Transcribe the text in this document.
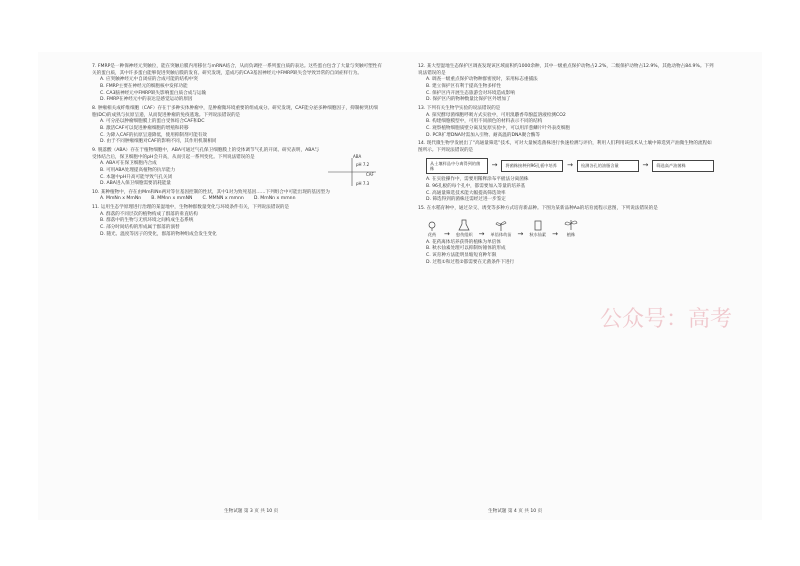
7. FMRP是一种保神经元突触位，能在突触后膜内用移位与mRNA结合，从而负调控一系列蛋白质的表达。这些蛋白包含了大量与突触可塑性有关的蛋白质，其中许多蛋白能够促进突触后膜的发育。研究发现，造成巧的CA3基因神经元中FMRP缺失会导致异常的自闭症样行为。

A. 应突触神经元中自闭症的合成可能的结构中突

B. FMRP主要在神经元的细胞核中发挥功能

C. CA3脑神经元中FMRP缺失影响蛋白质合成与运输

D. FMRP在神经元中的表达是感觉运动的原因

8. 肿瘤相关成纤维细胞（CAF）存在于多种实体肿瘤中，是肿瘤微环境重要的组成成分。研究发现，CAF能分泌多种细胞因子，抑制树突状细胞(DC)的成熟与抗原呈递，从而促进肿瘤的免疫逃逸。下列说法错误的是

A. 可分泌以肿瘤细胞膜上的蛋白受体结合CAF和DC

B. 激活CAF可以促进肿瘤细胞的增殖和转移

C. 为降入CAF的抗原呈递降低，使用抑制剂可能有效

D. 由于不同肿瘤细胞对CAF的影响不同，其作用机制相同

9. 脱落酸（ABA）存在于植物细胞中，ABA可通过气孔保卫细胞膜上的受体调节气孔的开闭。研究表明，ABA与受体结合后，保卫细胞中的pH会升高，从而引起一系列变化。下列说法错误的是	ABA
pH 7.2
pH 7.3
CAF

A. ABA可在保卫细胞内合成

B. 可用ABA处理提高植物的抗旱能力

C. 本题中pH升高可能导致气孔关闭

D. ABA进入保卫细胞需要消耗能量

10. 某种植物中，存在由Mm和Nn两对等位基因控制的性状，其中1对为致死基因……下列组合中可能出现的基因型为

A. MmNn x MmNn B. MMnn x mmNN C. MMNN x mmnn D. MmNn x mmnn

11. 运用生态学原理进行治理的某湿地中，生物种群数量变化与环境条件有关，下列说法错误的是

A. 群落的不同层次的植物构成了群落的垂直结构

B. 群落中的生物与无机环境之间构成生态系统

C. 部分时间结构的形成属于群落的演替

D. 随光、温度等因子的变化，群落的物种组成会发生变化

生物试题 第 3 页 共 10 页

12. 某大型湿地生态保护区调查发现该区域面积约1000余种，其中一级重点保护动物占2.2%，二级保护动物占12.9%，其他动物占84.9%。下列说法错误的是

A. 调查一级重点保护动物种群密度时，采用标志重捕法

B. 建立保护区有利于提高生物多样性

C. 保护区内开展生态旅游会对环境造成影响

D. 保护区内的物种数量比保护区外增加了

13. 下列有关生物学实验的说法错误的是

A. 探究酵母菌细胞呼吸方式实验中，可用溴麝香草酚蓝溶液检测CO2

B. 构建细胞模型中，可用不同颜色的材料表示不同的结构

C. 观察植物细胞质壁分离及复原实验中，可以用洋葱鳞片叶外表皮细胞

D. PCR扩增DNA时需加入引物、耐高温的DNA聚合酶等

14. 现代微生物学发展出了“高通量筛选”技术，可对大量候选菌株进行快速检测与评价，利用人们利用该技术从土壤中筛选到产油微生物的流程如图所示。下列说法错误的是

从土壤样品中分离得到的菌株	→	将菌株接种到96孔板中培养	→	检测各孔的油脂含量	→	筛选高产油菌株

A. 在实验操作中，需要用稀释涂布平板法分离菌株

B. 96孔板的每个孔中，都需要加入等量的培养基

C. 高通量筛选技术能大幅提高筛选效率

D. 筛选得到的菌株还需经过进一步鉴定

15. 在水稻育种中，通过杂交、诱变等多种方式培育新品种。下图为某新品种Aa的培育流程示意图，下列说法错误的是

花药 → 愈伤组织 → 单倍体幼苗 → 秋水仙素 → 植株

A. 花药离体培养获得的植株为单倍体

B. 秋水仙素处理可以抑制纺锤体的形成

C. 该育种方法能明显缩短育种年限

D. 过程①和过程②都需要在无菌条件下进行

生物试题 第 4 页 共 10 页
公众号：高考
